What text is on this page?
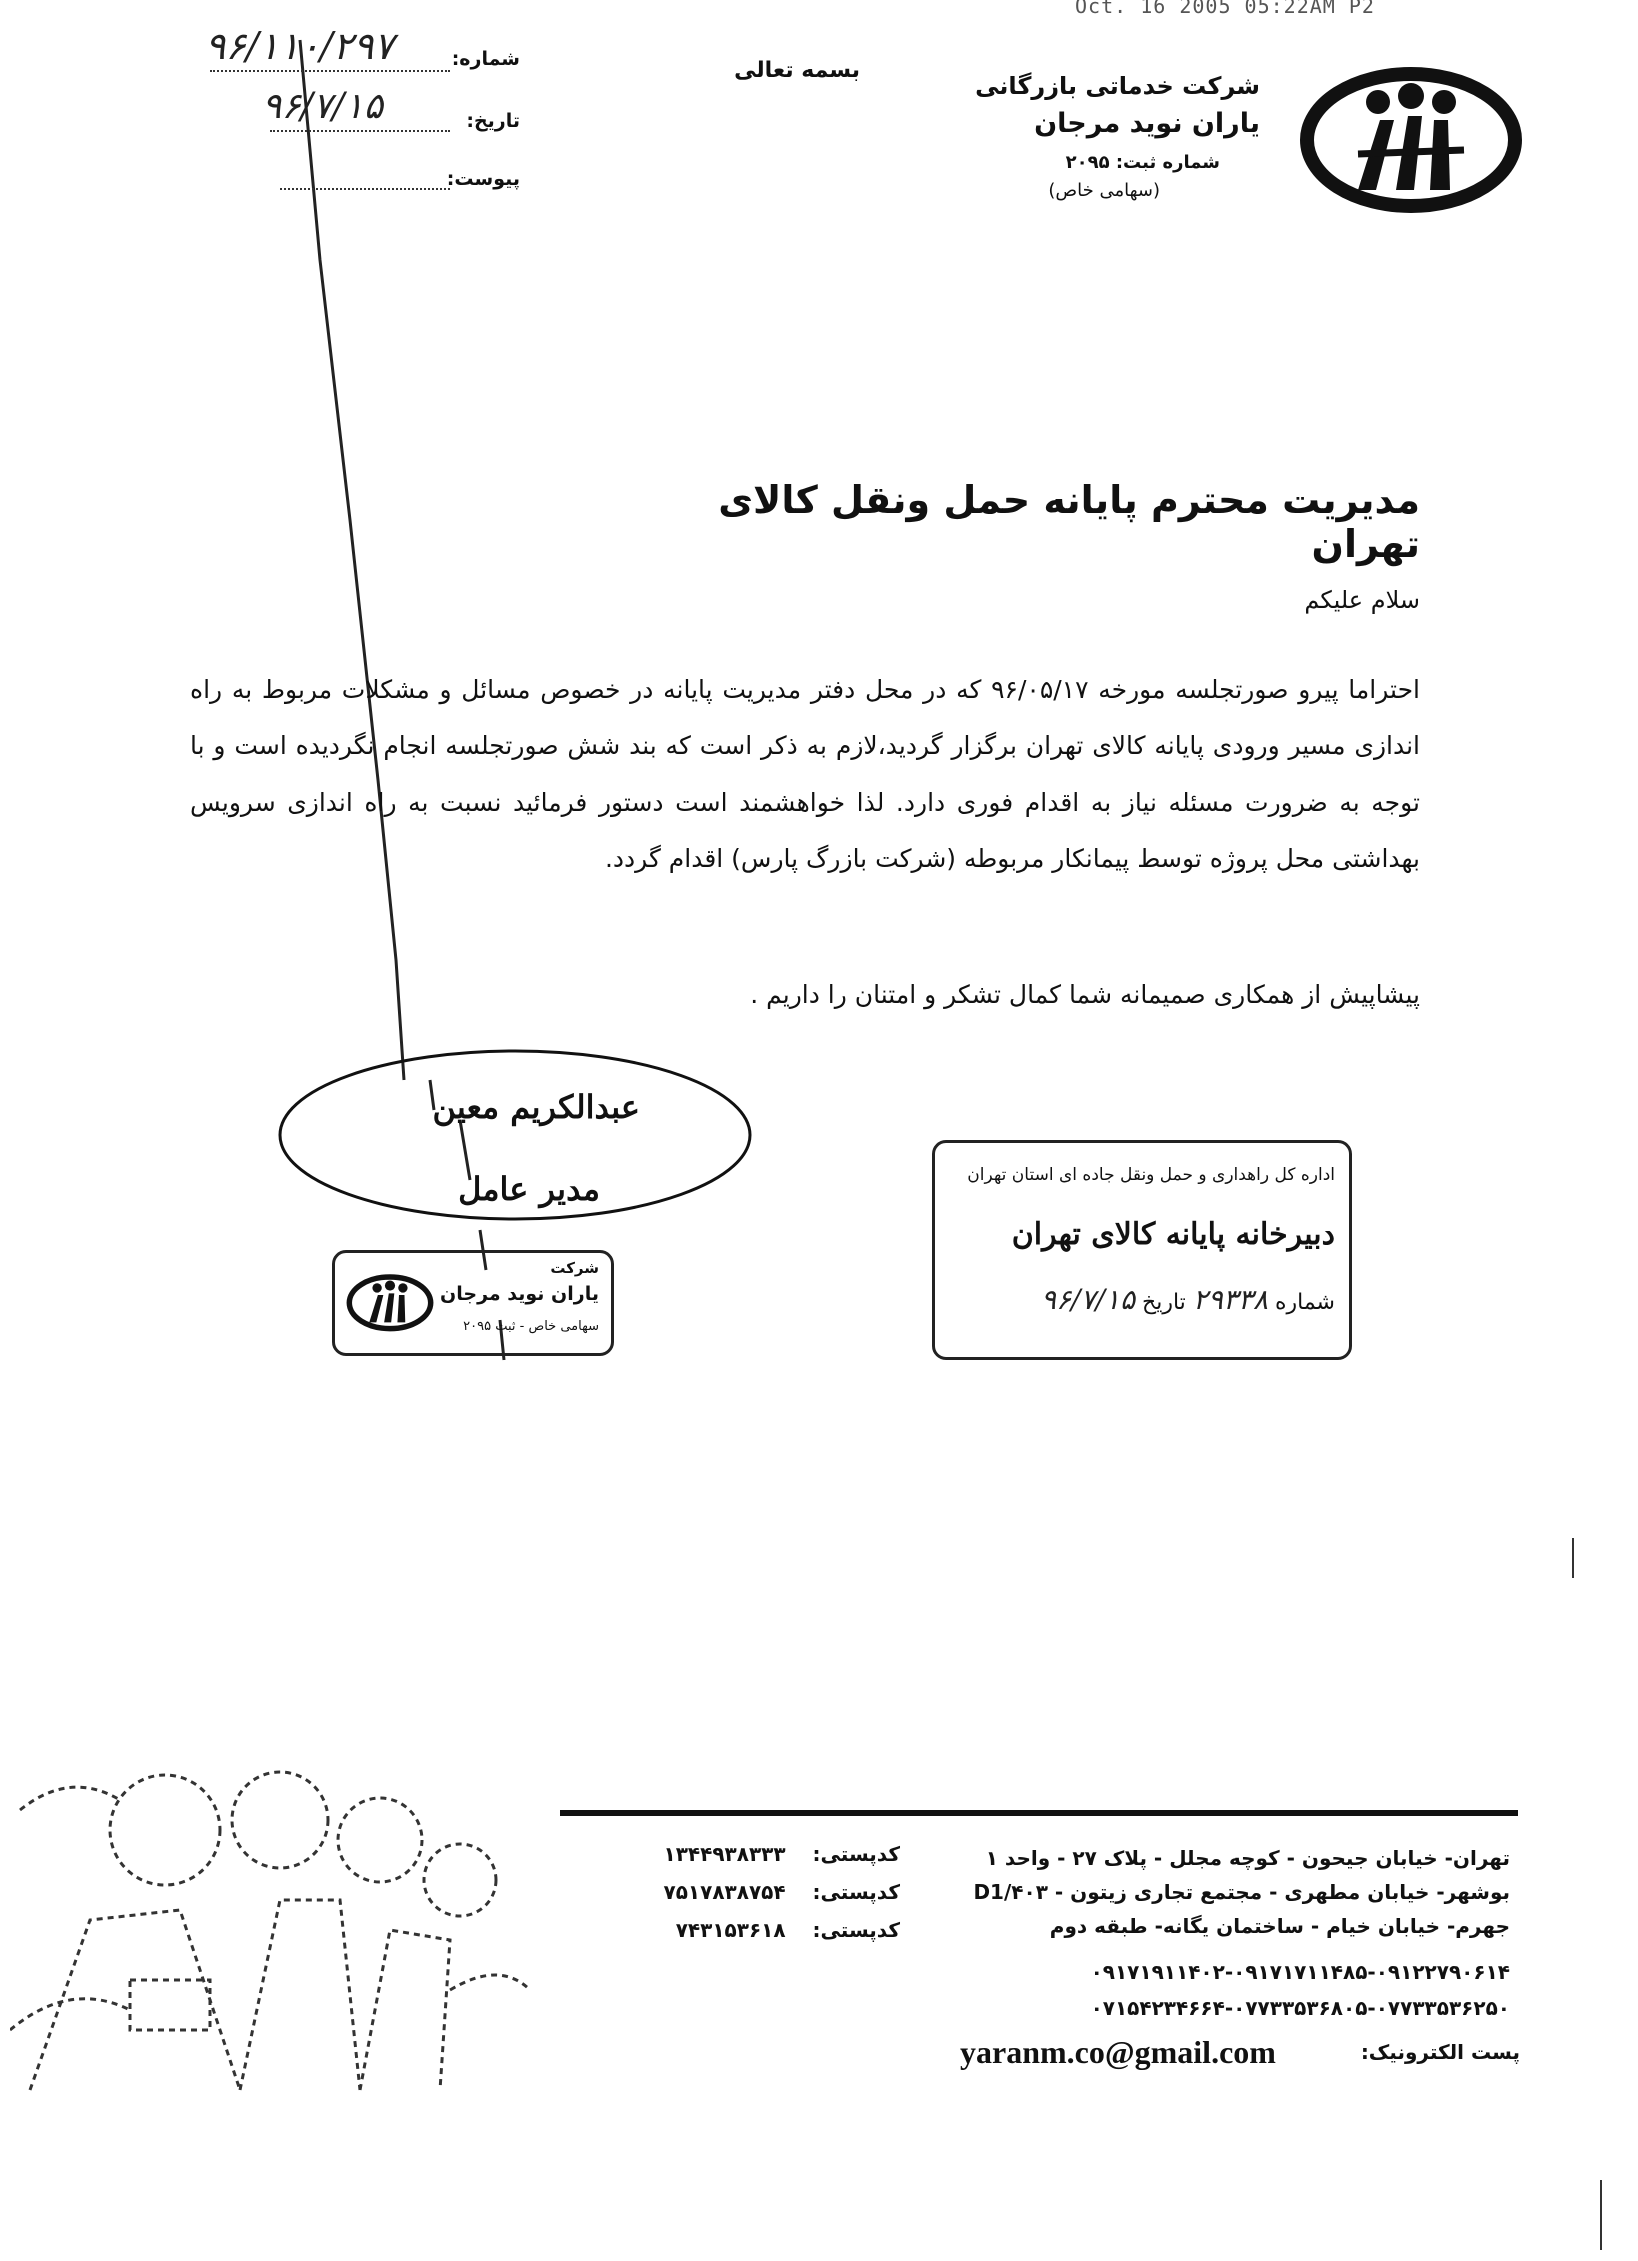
Oct. 16 2005 05:22AM P2
۹۶/۱۱۰/۲۹۷	شماره:
۹۶/۷/۱۵	تاریخ:
پیوست:
بسمه تعالی
شرکت خدماتی بازرگانی
یاران نوید مرجان
شماره ثبت: ۲۰۹۵
(سهامی خاص)
مدیریت محترم پایانه حمل ونقل کالای تهران
سلام علیکم
احتراما پیرو صورتجلسه مورخه ۹۶/۰۵/۱۷ که در محل دفتر مدیریت پایانه در خصوص مسائل و مشکلات مربوط به راه اندازی مسیر ورودی پایانه کالای تهران برگزار گردید،لازم به ذکر است که بند شش صورتجلسه انجام نگردیده است و با توجه به ضرورت مسئله نیاز به اقدام فوری دارد. لذا خواهشمند است دستور فرمائید نسبت به راه اندازی سرویس بهداشتی محل پروژه توسط پیمانکار مربوطه (شرکت بازرگ پارس) اقدام گردد.
پیشاپیش از همکاری صمیمانه شما کمال تشکر و امتنان را داریم .
عبدالکریم معین
مدیر عامل
شرکت
یاران نوید مرجان
سهامی خاص - ثبت ۲۰۹۵
اداره کل راهداری و حمل ونقل جاده ای استان تهران
دبیرخانه پایانه کالای تهران
شماره ۲۹۳۳۸ تاریخ ۹۶/۷/۱۵
تهران- خیابان جیحون - کوچه مجلل - پلاک ۲۷ - واحد ۱
بوشهر- خیابان مطهری - مجتمع تجاری زیتون - D1/۴۰۳
جهرم- خیابان خیام - ساختمان یگانه- طبقه دوم
کدپستی: ۱۳۴۴۹۳۸۳۳۳
کدپستی: ۷۵۱۷۸۳۸۷۵۴
کدپستی: ۷۴۳۱۵۳۶۱۸
۰۹۱۷۱۹۱۱۴۰۲-۰۹۱۷۱۷۱۱۴۸۵-۰۹۱۲۲۷۹۰۶۱۴
۰۷۱۵۴۲۳۴۶۶۴-۰۷۷۳۳۵۳۶۸۰۵-۰۷۷۳۳۵۳۶۲۵۰
پست الکترونیک:
yaranm.co@gmail.com
